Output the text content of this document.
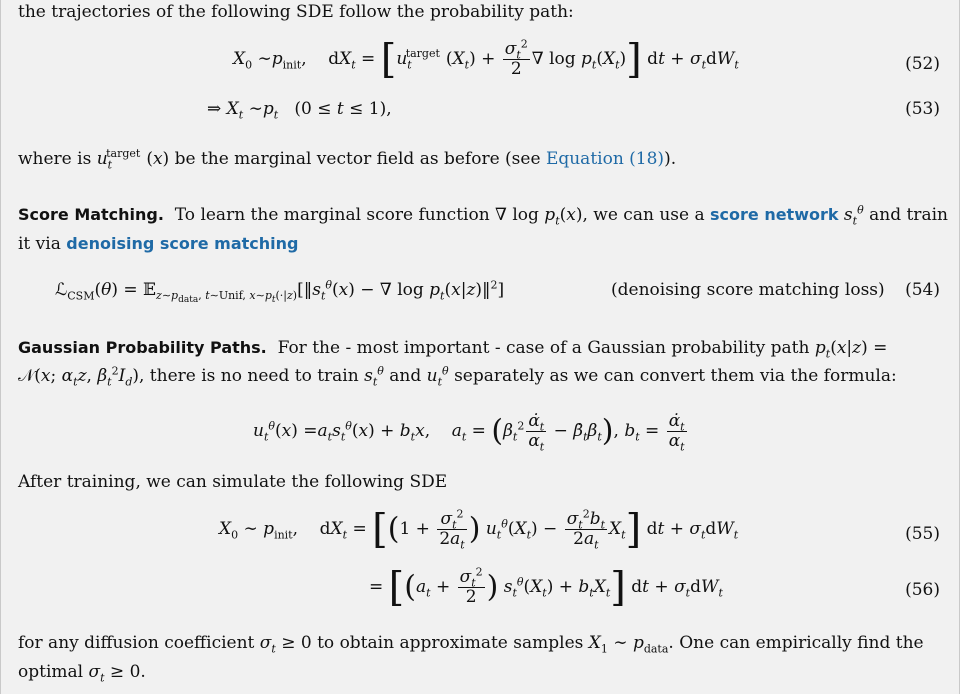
the trajectories of the following SDE follow the probability path:
$X_0$ $\sim p_{init}$,    $dX_t = [u_t^{target}$ $(X_t) + \frac{\sigma_t^2}{2}$ ∇ $\log p_t(X_t)$] dt + $\sigma_tdW_t$	(52)
⇒ $X_t$ $\sim p_t$   (0 ≤ t ≤ 1),	(53)
where is $u_t^{target}$ (x) be the marginal vector field as before (see Equation (18)).
Score Matching. To learn the marginal score function ∇ $\log p_t(x)$, we can use a score network $s_t^\theta$ and train
it via denoising score matching
ℒ$_{CSM}$(θ) = $𝔼_{z\sim p_{data}, t\sim Unif, x\sim p_t(\cdot|z)}[‖s_t^\theta(x)$ − ∇ $\log p_t(x|z)‖^2$]	(denoising score matching loss) (54)
Gaussian Probability Paths. For the - most important - case of a Gaussian probability path $p_t(x|z)$ =
𝒩(x; $\alpha_tz$, $\beta_t^2I_d$), there is no need to train $s_t^\theta$ and $u_t^\theta$ separately as we can convert them via the formula:
$u_t^\theta(x) =a_ts_t^\theta(x) + b_tx$,    $a_t = (\beta_t^2 \frac{\alphȧ_t}{\alpha_t}$ − $\betȧ_t\beta_t$), $b_t = \frac{\alphȧ_t}{\alpha_t}$
After training, we can simulate the following SDE
$X_0$ ∼ $p_{init}$,    $dX_t = [(1 + \frac{\sigma_t^2}{2a_t}$ ) $u_t^\theta(X_t) - \frac{\sigma_t^2b_t}{2a_t} X_t$] dt + $\sigma_tdW_t$	(55)
= [($a_t + \frac{\sigma_t^2}{2}$ ) $s_t^\theta(X_t) + b_tX_t$] dt + $\sigma_tdW_t$	(56)
for any diffusion coefficient $\sigma_t \ge 0$ to obtain approximate samples $X_1$ ∼ $p_{data}$. One can empirically find the
optimal $\sigma_t \ge 0$.
